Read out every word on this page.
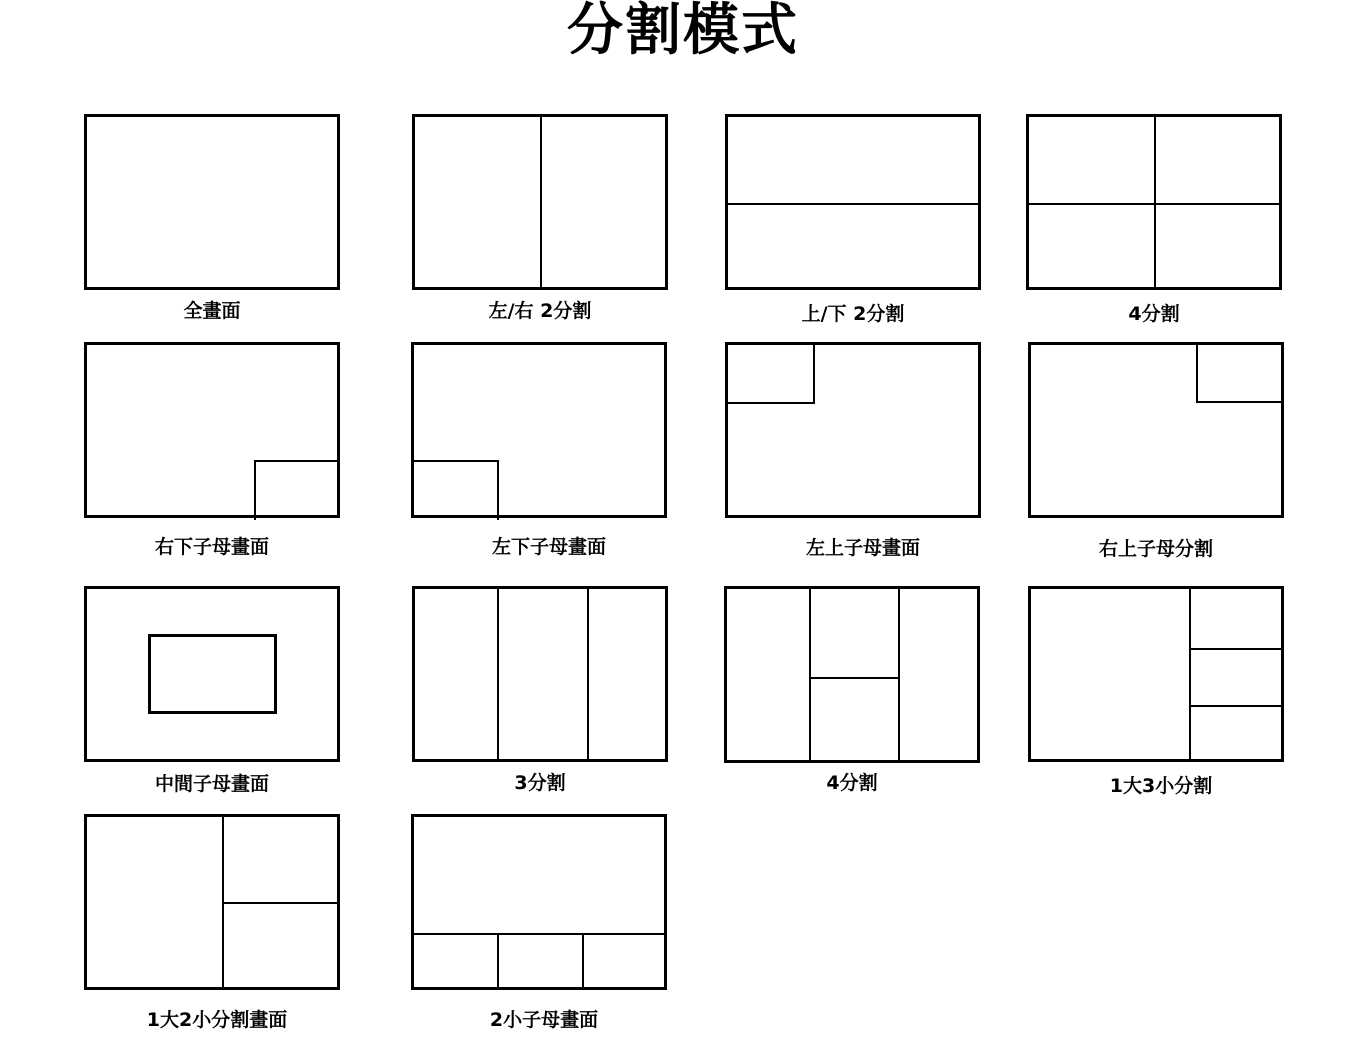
分割模式
全畫面	左/右 2分割	上/下 2分割	4分割
右下子母畫面	左下子母畫面	左上子母畫面	右上子母分割
中間子母畫面	3分割	4分割	1大3小分割
1大2小分割畫面	2小子母畫面
